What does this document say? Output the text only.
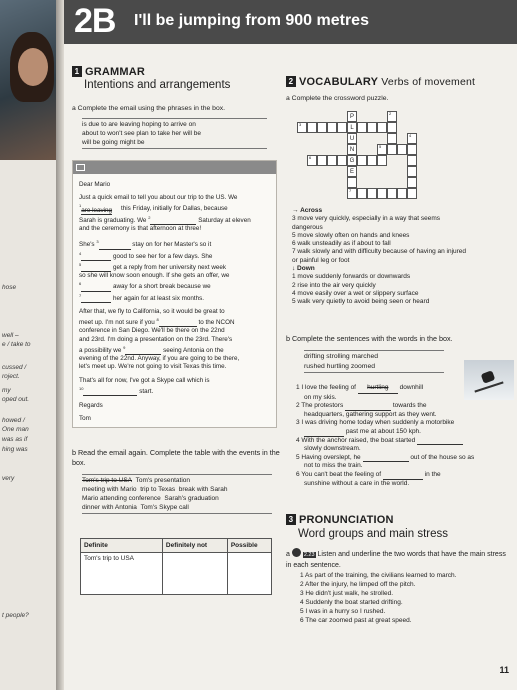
hose
well –
e / take to
cussed /
roject.
my
oped out.
howed /
One man
was as if
hing was
very
t people?
2B I'll be jumping from 900 metres
1 GRAMMAR
Intentions and arrangements
a Complete the email using the phrases in the box.
is due to are leaving hoping to arrive on
about to won't see plan to take her will be
will be going might be

Dear Mario

Just a quick email to tell you about our trip to the US. We
$^1$are leaving this Friday, initially for Dallas, because
Sarah is graduating. We $^2$	Saturday at eleven
and the ceremony is that afternoon at three!

She's $^3$	stay on for her Master's so it
$^4$	good to see her for a few days. She
$^5$	get a reply from her university next week
so she will know soon enough. If she gets an offer, we
$^6$	away for a short break because we
$^7$	her again for at least six months.

After that, we fly to California, so it would be great to
meet up. I'm not sure if you $^8$	to the NCON
conference in San Diego. We'll be there on the 22nd
and 23rd. I'm doing a presentation on the 23rd. There's
a possibility we $^9$	seeing Antonia on the
evening of the 22nd. Anyway, if you are going to be there,
let's meet up. We're not going to visit Texas this time.

That's all for now, I've got a Skype call which is
$^{10}$	start.

Regards

Tom

b Read the email again. Complete the table with the events in the box.
Tom's trip to USA Tom's presentation
meeting with Mario trip to Texas break with Sarah
Mario attending conference Sarah's graduation
dinner with Antonia Tom's Skype call
Definite	Definitely not	Possible
Tom's trip to USA		
2 VOCABULARY Verbs of movement
a Complete the crossword puzzle.
3
L
P
U
N
G
E
2
4
5
6
7
→ Across
3 move very quickly, especially in a way that seems
dangerous
5 move slowly often on hands and knees
6 walk unsteadily as if about to fall
7 walk slowly and with difficulty because of having an injured
or painful leg or foot
↓ Down
1 move suddenly forwards or downwards
2 rise into the air very quickly
4 move easily over a wet or slippery surface
5 walk very quietly to avoid being seen or heard
b Complete the sentences with the words in the box.
drifting strolling marched
rushed hurtling zoomed
1 I love the feeling of hurtling downhill
on my skis.
2 The protestors	towards the
headquarters, gathering support as they went.
3 I was driving home today when suddenly a motorbike
past me at about 150 kph.
4 With the anchor raised, the boat started
slowly downstream.
5 Having overslept, he	out of the house so as
not to miss the train.
6 You can't beat the feeling of	in the
sunshine without a care in the world.
3 PRONUNCIATION
Word groups and main stress
a	2.23 Listen and underline the two words that have the main stress in each sentence.
1 As part of the training, the civilians learned to march.
2 After the injury, he limped off the pitch.
3 He didn't just walk, he strolled.
4 Suddenly the boat started drifting.
5 I was in a hurry so I rushed.
6 The car zoomed past at great speed.
11
